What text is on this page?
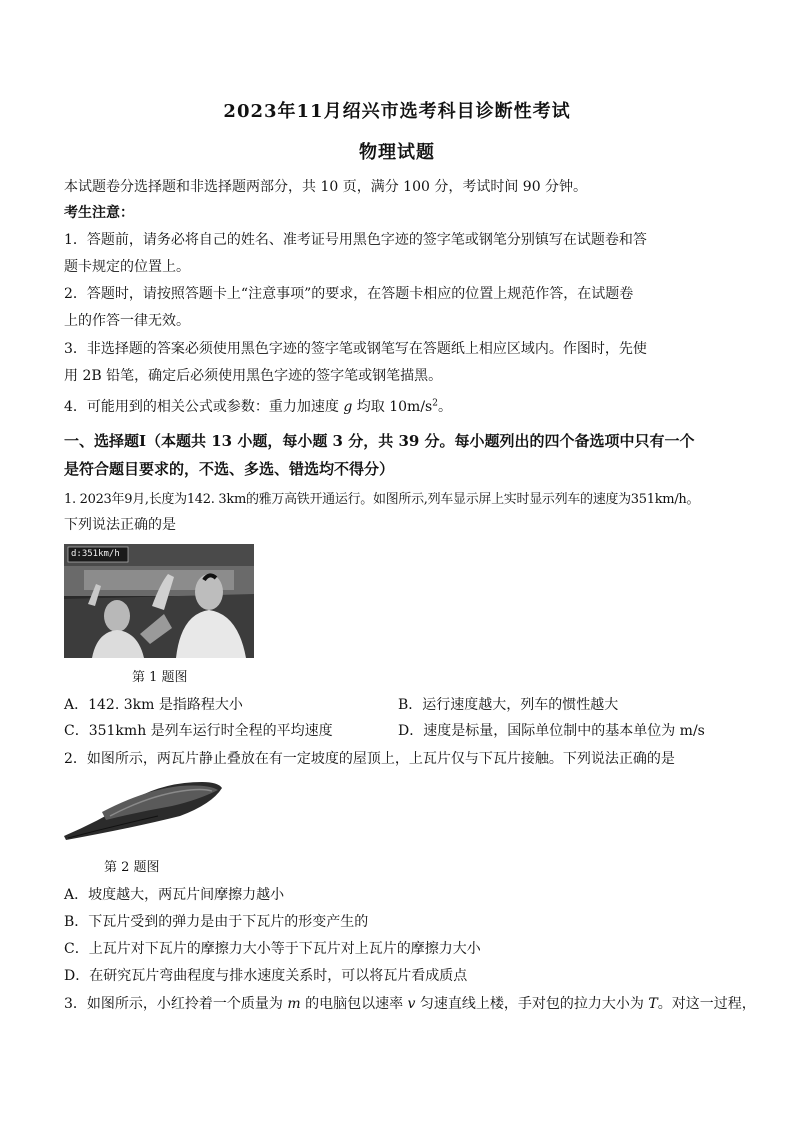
2023年11月绍兴市选考科目诊断性考试
物理试题
本试题卷分选择题和非选择题两部分，共 10 页，满分 100 分，考试时间 90 分钟。
考生注意：
1．答题前，请务必将自己的姓名、准考证号用黑色字迹的签字笔或钢笔分别镇写在试题卷和答
题卡规定的位置上。
2．答题时，请按照答题卡上“注意事项”的要求，在答题卡相应的位置上规范作答，在试题卷
上的作答一律无效。
3．非选择题的答案必须使用黑色字迹的签字笔或钢笔写在答题纸上相应区域内。作图时，先使
用 2B 铅笔，确定后必须使用黑色字迹的签字笔或钢笔描黑。
4．可能用到的相关公式或参数：重力加速度 g 均取 $10m/s^2$。
一、选择题Ⅰ（本题共 13 小题，每小题 3 分，共 39 分。每小题列出的四个备选项中只有一个
是符合题目要求的，不选、多选、错选均不得分）
1. 2023年9月,长度为142. 3km的雅万高铁开通运行。如图所示,列车显示屏上实时显示列车的速度为351km/h。
下列说法正确的是
d:351km/h
第 1 题图
A．142. 3km 是指路程大小	B．运行速度越大，列车的惯性越大
C．351kmh 是列车运行时全程的平均速度	D．速度是标量，国际单位制中的基本单位为 m/s
2．如图所示，两瓦片静止叠放在有一定坡度的屋顶上，上瓦片仅与下瓦片接触。下列说法正确的是
第 2 题图
A．坡度越大，两瓦片间摩擦力越小
B．下瓦片受到的弹力是由于下瓦片的形变产生的
C．上瓦片对下瓦片的摩擦力大小等于下瓦片对上瓦片的摩擦力大小
D．在研究瓦片弯曲程度与排水速度关系时，可以将瓦片看成质点
3．如图所示，小红拎着一个质量为 m 的电脑包以速率 v 匀速直线上楼，手对包的拉力大小为 T。对这一过程，
